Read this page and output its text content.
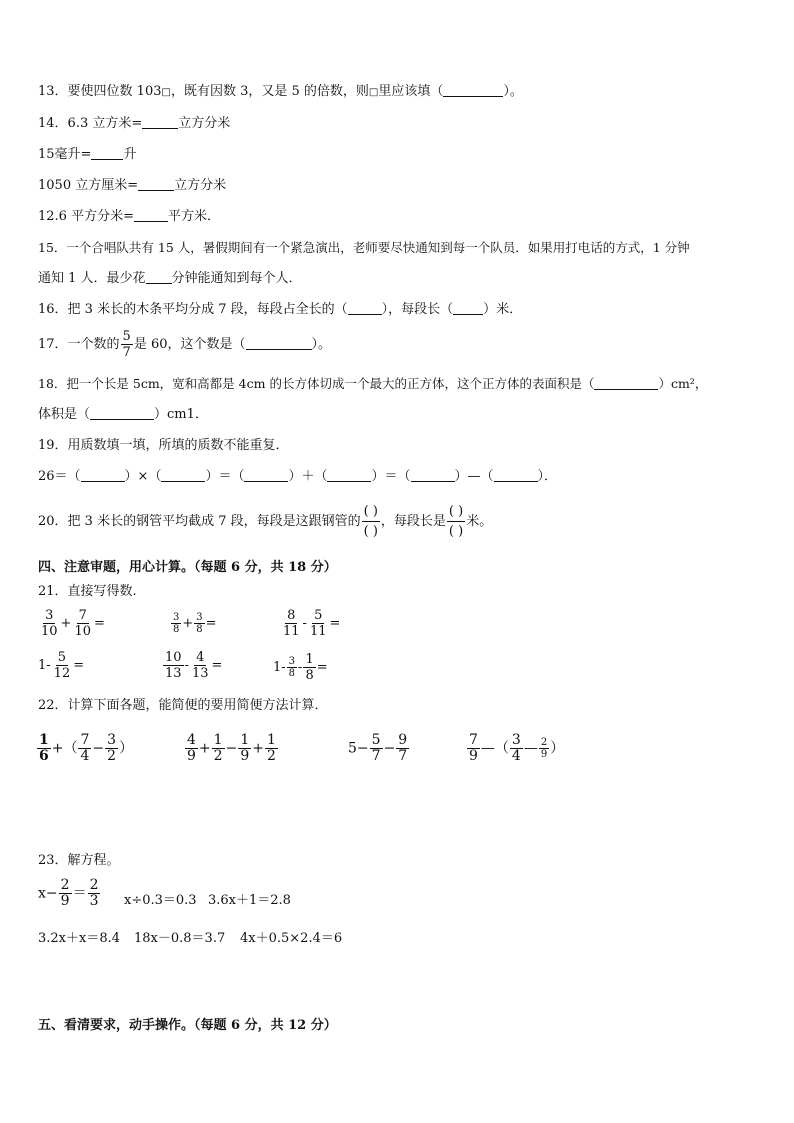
13．要使四位数 103□，既有因数 3，又是 5 的倍数，则□里应该填（	）。
14．6.3 立方米=	立方分米
15毫升= 升
1050 立方厘米=	立方分米
12.6 平方分米=	平方米．
15．一个合唱队共有 15 人，暑假期间有一个紧急演出，老师要尽快通知到每一个队员．如果用打电话的方式，1 分钟
通知 1 人．最少花 分钟能通知到每个人．
16．把 3 米长的木条平均分成 7 段，每段占全长的（	），每段长（ ）米．
17．一个数的 $\frac{5}{7}$ 是 60，这个数是（	）。
18．把一个长是 5cm，宽和高都是 4cm 的长方体切成一个最大的正方体，这个正方体的表面积是（	）cm²，
体积是（	）cm1．
19．用质数填一填，所填的质数不能重复．
26＝（	）×（	）＝（	）＋（	）＝（	）—（	）．
20．把 3 米长的钢管平均截成 7 段，每段是这跟钢管的 $\frac{( )}{( )}$ ，每段长是 $\frac{( )}{( )}$ 米。
四、注意审题，用心计算。（每题 6 分，共 18 分）
21．直接写得数.
$\frac{3}{10} + \frac{7}{10}$ =	$\frac{3}{8} + \frac{3}{8}$ =	$\frac{8}{11} - \frac{5}{11}$ =
$1- \frac{5}{12}$ =	$\frac{10}{13} - \frac{4}{13}$ =	$1- \frac{3}{8} - \frac{1}{8}$ =
22．计算下面各题，能简便的要用简便方法计算．
$\frac{1}{6}$ +（ $\frac{7}{4} - \frac{3}{2}$ ）	$\frac{4}{9} + \frac{1}{2} - \frac{1}{9} + \frac{1}{2}$	$5- \frac{5}{7} - \frac{9}{7}$	$\frac{7}{9}$ —（ $\frac{3}{4}$ — $\frac{2}{9}$ ）
23．解方程。
$x- \frac{2}{9} = \frac{2}{3} x\div 0.3=0.3$ 3.6x＋1＝2.8
3.2x＋x＝8.4 18x－0.8＝3.7 4x＋0.5×2.4＝6
五、看清要求，动手操作。（每题 6 分，共 12 分）
